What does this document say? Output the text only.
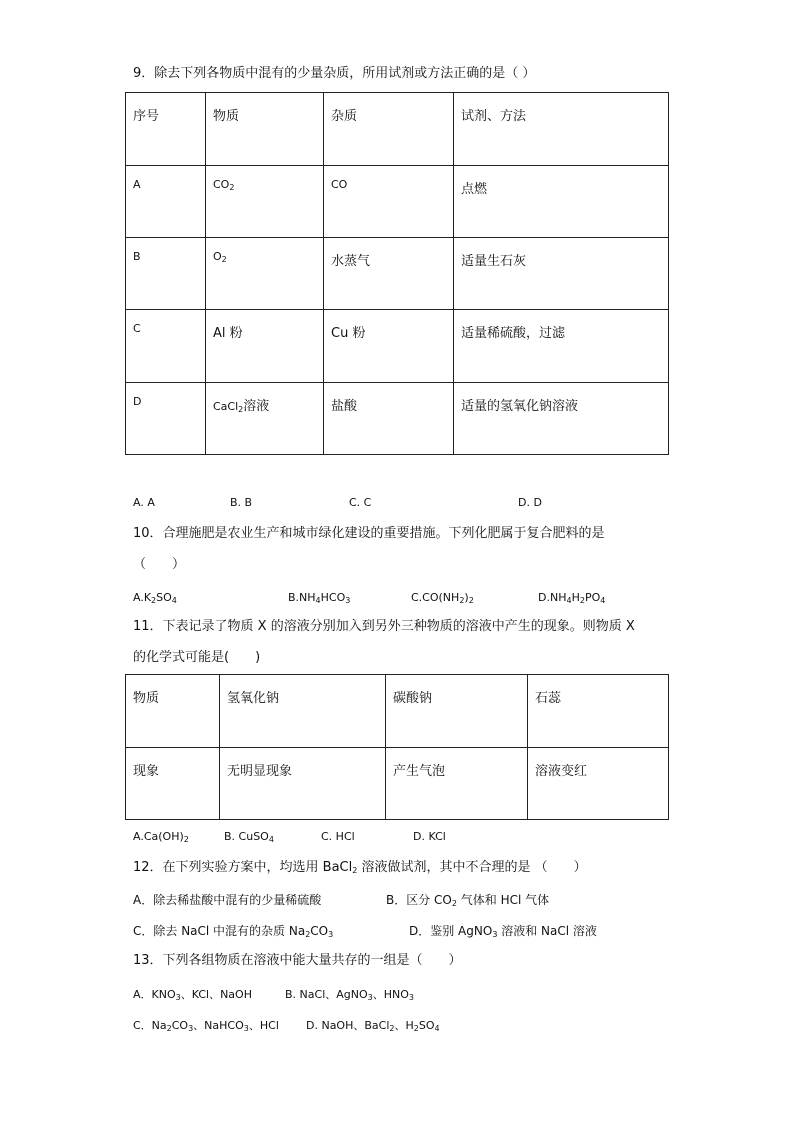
9．除去下列各物质中混有的少量杂质，所用试剂或方法正确的是（ ）
序号	物质	杂质	试剂、方法

A	$CO_2$	CO	点燃

B	$O_2$	水蒸气	适量生石灰

C	Al 粉	Cu 粉	适量稀硫酸，过滤

D	CaCl$_2$溶液	盐酸	适量的氢氧化钠溶液
A. A	B. B	C. C	D. D
10．合理施肥是农业生产和城市绿化建设的重要措施。下列化肥属于复合肥料的是
（　　）
$A.K_2SO_4$	$B.NH_4HCO_3$	$C.CO(NH_2)_2$	$D.NH_4H_2PO_4$
11．下表记录了物质 X 的溶液分别加入到另外三种物质的溶液中产生的现象。则物质 X
的化学式可能是(　　)
物质	氢氧化钠	碳酸钠	石蕊

现象	无明显现象	产生气泡	溶液变红
$A.Ca(OH)_2$	B. CuSO$_4$	C. HCl	D. KCl
12．在下列实验方案中，均选用 BaCl$_2$ 溶液做试剂，其中不合理的是 （　　）
A．除去稀盐酸中混有的少量稀硫酸	B．区分 $CO_2$ 气体和 HCl 气体
C．除去 NaCl 中混有的杂质 $Na_2CO_3$	D．鉴别 AgNO$_3$ 溶液和 NaCl 溶液
13．下列各组物质在溶液中能大量共存的一组是（　　）
A．$KNO_3$、KCl、NaOH	B. NaCl、AgNO$_3$、$HNO_3$
C．$Na_2CO_3$、NaHCO$_3$、HCl D. NaOH、BaCl$_2$、$H_2SO_4$
